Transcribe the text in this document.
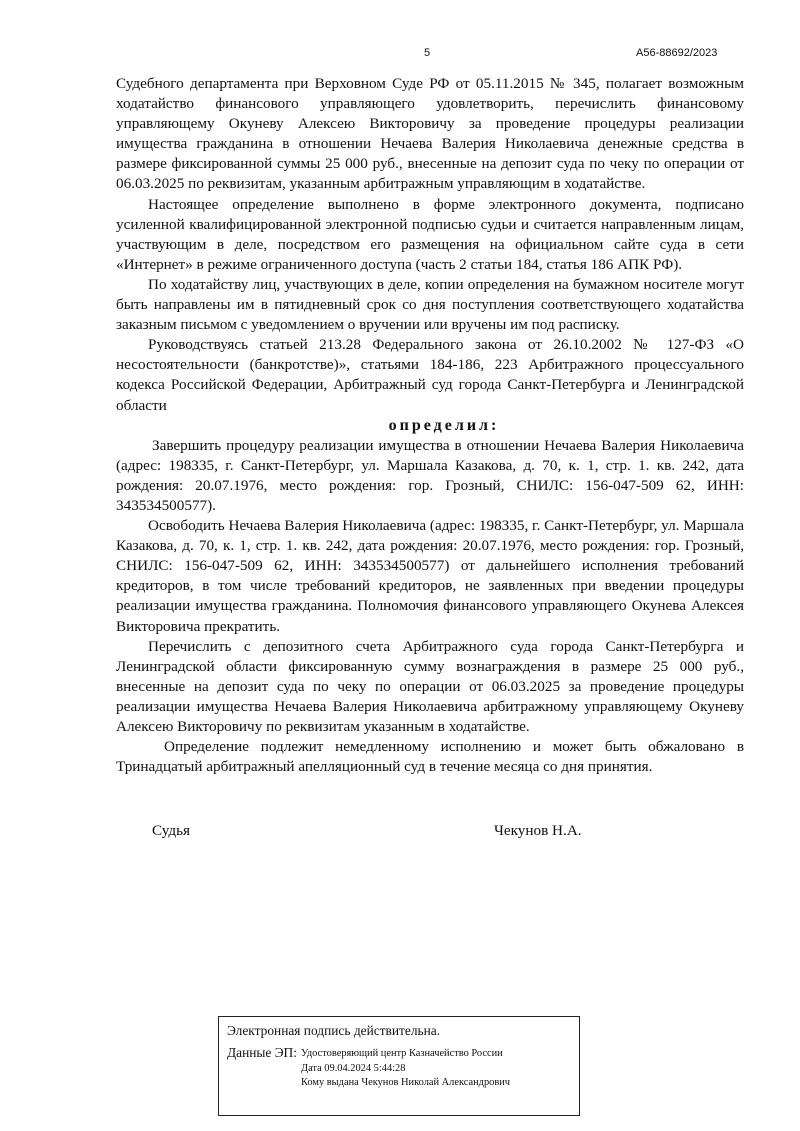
5	А56-88692/2023

Судебного департамента при Верховном Суде РФ от 05.11.2015 № 345, полагает возможным ходатайство финансового управляющего удовлетворить, перечислить финансовому управляющему Окуневу Алексею Викторовичу за проведение процедуры реализации имущества гражданина в отношении Нечаева Валерия Николаевича денежные средства в размере фиксированной суммы 25 000 руб., внесенные на депозит суда по чеку по операции от 06.03.2025 по реквизитам, указанным арбитражным управляющим в ходатайстве.

Настоящее определение выполнено в форме электронного документа, подписано усиленной квалифицированной электронной подписью судьи и считается направленным лицам, участвующим в деле, посредством его размещения на официальном сайте суда в сети «Интернет» в режиме ограниченного доступа (часть 2 статьи 184, статья 186 АПК РФ).

По ходатайству лиц, участвующих в деле, копии определения на бумажном носителе могут быть направлены им в пятидневный срок со дня поступления соответствующего ходатайства заказным письмом с уведомлением о вручении или вручены им под расписку.

Руководствуясь статьей 213.28 Федерального закона от 26.10.2002 № 127-ФЗ «О несостоятельности (банкротстве)», статьями 184-186, 223 Арбитражного процессуального кодекса Российской Федерации, Арбитражный суд города Санкт-Петербурга и Ленинградской области

определил:

Завершить процедуру реализации имущества в отношении Нечаева Валерия Николаевича (адрес: 198335, г. Санкт-Петербург, ул. Маршала Казакова, д. 70, к. 1, стр. 1. кв. 242, дата рождения: 20.07.1976, место рождения: гор. Грозный, СНИЛС: 156-047-509 62, ИНН: 343534500577).

Освободить Нечаева Валерия Николаевича (адрес: 198335, г. Санкт-Петербург, ул. Маршала Казакова, д. 70, к. 1, стр. 1. кв. 242, дата рождения: 20.07.1976, место рождения: гор. Грозный, СНИЛС: 156-047-509 62, ИНН: 343534500577) от дальнейшего исполнения требований кредиторов, в том числе требований кредиторов, не заявленных при введении процедуры реализации имущества гражданина. Полномочия финансового управляющего Окунева Алексея Викторовича прекратить.

Перечислить с депозитного счета Арбитражного суда города Санкт-Петербурга и Ленинградской области фиксированную сумму вознаграждения в размере 25 000 руб., внесенные на депозит суда по чеку по операции от 06.03.2025 за проведение процедуры реализации имущества Нечаева Валерия Николаевича арбитражному управляющему Окуневу Алексею Викторовичу по реквизитам указанным в ходатайстве.

Определение подлежит немедленному исполнению и может быть обжаловано в Тринадцатый арбитражный апелляционный суд в течение месяца со дня принятия.

Судья	Чекунов Н.А.
Электронная подпись действительна.
Данные ЭП: Удостоверяющий центр Казначейство России
Дата 09.04.2024 5:44:28
Кому выдана Чекунов Николай Александрович
